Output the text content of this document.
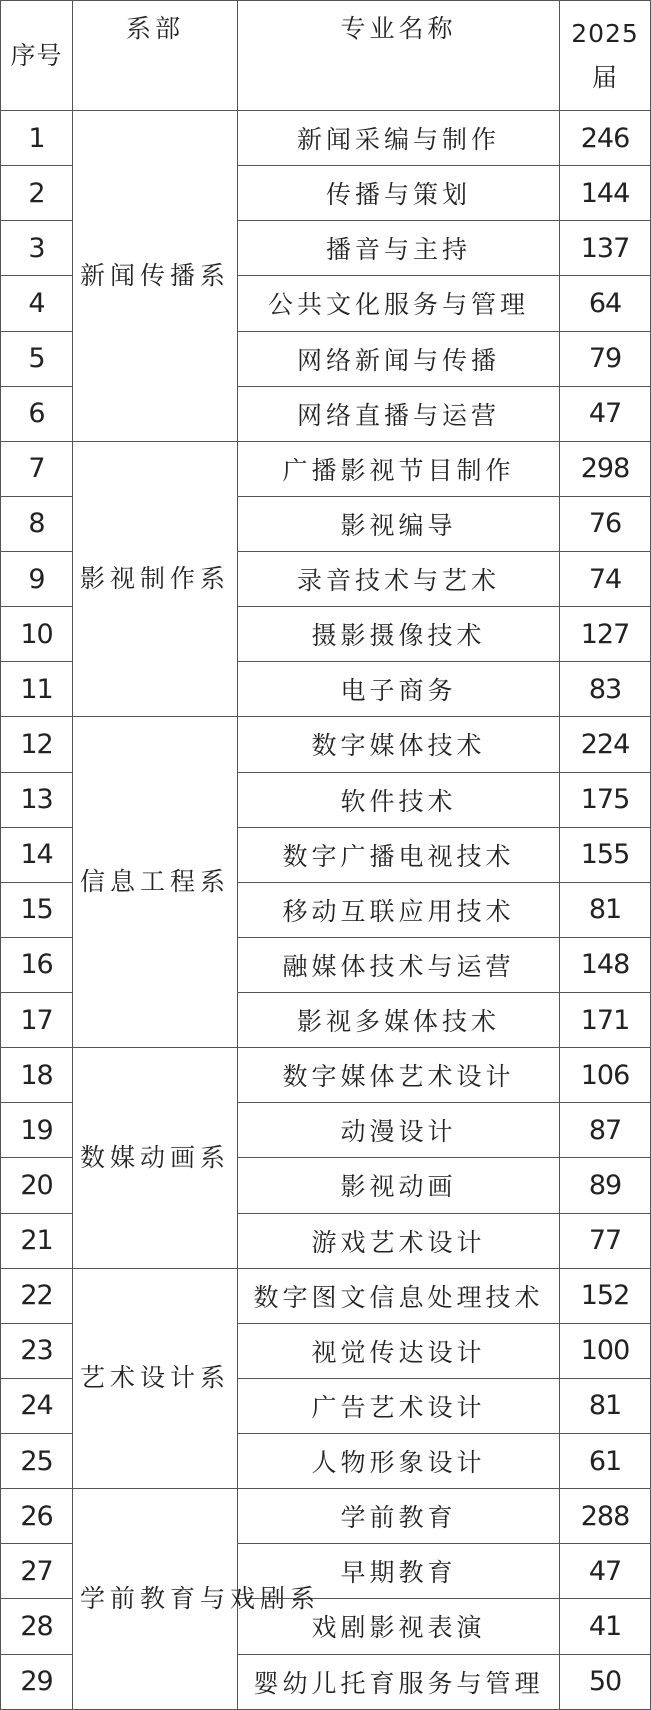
序号	系部	专业名称	2025届
1	新闻传播系	新闻采编与制作	246
2		传播与策划	144
3		播音与主持	137
4		公共文化服务与管理	64
5		网络新闻与传播	79
6		网络直播与运营	47
7	影视制作系	广播影视节目制作	298
8		影视编导	76
9		录音技术与艺术	74
10		摄影摄像技术	127
11		电子商务	83
12	信息工程系	数字媒体技术	224
13		软件技术	175
14		数字广播电视技术	155
15		移动互联应用技术	81
16		融媒体技术与运营	148
17		影视多媒体技术	171
18	数媒动画系	数字媒体艺术设计	106
19		动漫设计	87
20		影视动画	89
21		游戏艺术设计	77
22	艺术设计系	数字图文信息处理技术	152
23		视觉传达设计	100
24		广告艺术设计	81
25		人物形象设计	61
26	学前教育与戏剧系	学前教育	288
27		早期教育	47
28		戏剧影视表演	41
29		婴幼儿托育服务与管理	50
